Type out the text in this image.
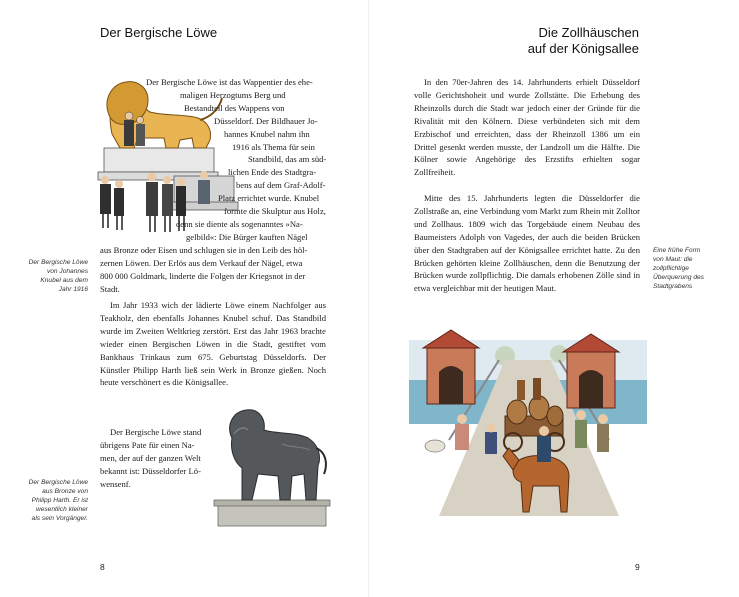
Der Bergische Löwe
Der Bergische Löwe ist das Wappentier des ehe-
maligen Herzogtums Berg und
Bestandteil des Wappens von
Düsseldorf. Der Bildhauer Jo-
hannes Knubel nahm ihn
1916 als Thema für sein
Standbild, das am süd-
lichen Ende des Stadtgra-
bens auf dem Graf-Adolf-
Platz errichtet wurde. Knubel
formte die Skulptur aus Holz,
denn sie diente als sogenanntes »Na-
gelbild«: Die Bürger kauften Nägel
aus Bronze oder Eisen und schlugen sie in den Leib des höl-
zernen Löwen. Der Erlös aus dem Verkauf der Nägel, etwa
800 000 Goldmark, linderte die Folgen der Kriegsnot in der
Stadt.

Im Jahr 1933 wich der lädierte Löwe einem Nachfolger aus Teakholz, den ebenfalls Johannes Knubel schuf. Das Standbild wurde im Zweiten Weltkrieg zerstört. Erst das Jahr 1963 brachte wieder einen Bergischen Löwen in die Stadt, gestiftet vom Bankhaus Trinkaus zum 675. Geburtstag Düsseldorfs. Der Künstler Philipp Harth ließ sein Werk in Bronze gießen. Noch heute verschönert es die Königsallee.

Der Bergische Löwe stand
übrigens Pate für einen Na-
men, der auf der ganzen Welt
bekannt ist: Düsseldorfer Lö-
wensenf.
Der Bergische Löwe
von Johannes
Knubel aus dem
Jahr 1916
Der Bergische Löwe
aus Bronze von
Philipp Harth. Er ist
wesentlich kleiner
als sein Vorgänger.
8
Die Zollhäuschen
auf der Königsallee

In den 70er-Jahren des 14. Jahrhunderts erhielt Düsseldorf volle Gerichtshoheit und wurde Zollstätte. Die Erhebung des Rheinzolls durch die Stadt war jedoch einer der Gründe für die Rivalität mit den Kölnern. Diese verbündeten sich mit dem Erzbischof und erreichten, dass der Rheinzoll 1386 um ein Drittel gesenkt werden musste, der Landzoll um die Hälfte. Die Kölner sowie Angehörige des Erzstifts erhielten sogar Zollfreiheit.

Mitte des 15. Jahrhunderts legten die Düsseldorfer die Zollstraße an, eine Verbindung vom Markt zum Rhein mit Zolltor und Zollhaus. 1809 wich das Torgebäude einem Neubau des Baumeisters Adolph von Vagedes, der auch die beiden Brücken über den Stadtgraben auf der Königsallee errichtet hatte. Zu den Brücken gehörten kleine Zollhäuschen, denn die Benutzung der Brücken wurde zollpflichtig. Die damals erhobenen Zölle sind in etwa vergleichbar mit der heutigen Maut.

Eine frühe Form
von Maut: die
zollpflichtige
Überquerung des
Stadtgrabens
9
